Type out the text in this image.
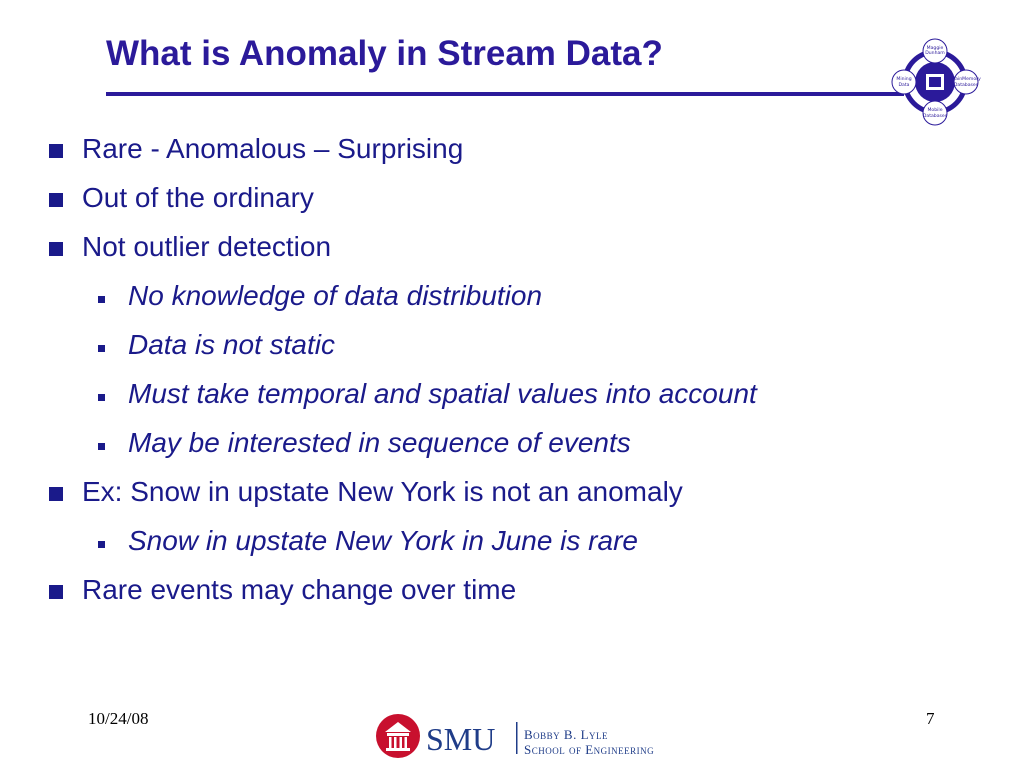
What is Anomaly in Stream Data?	Maggie
Dunham
Mining
Data
MainMemory
Databases
Mobile
Databases
Rare - Anomalous – Surprising
Out of the ordinary
Not outlier detection
No knowledge of data distribution
Data is not static
Must take temporal and spatial values into account
May be interested in sequence of events
Ex: Snow in upstate New York is not an anomaly
Snow in upstate New York in June is rare
Rare events may change over time
10/24/08	7
SMU Bobby B. Lyle
School of Engineering
